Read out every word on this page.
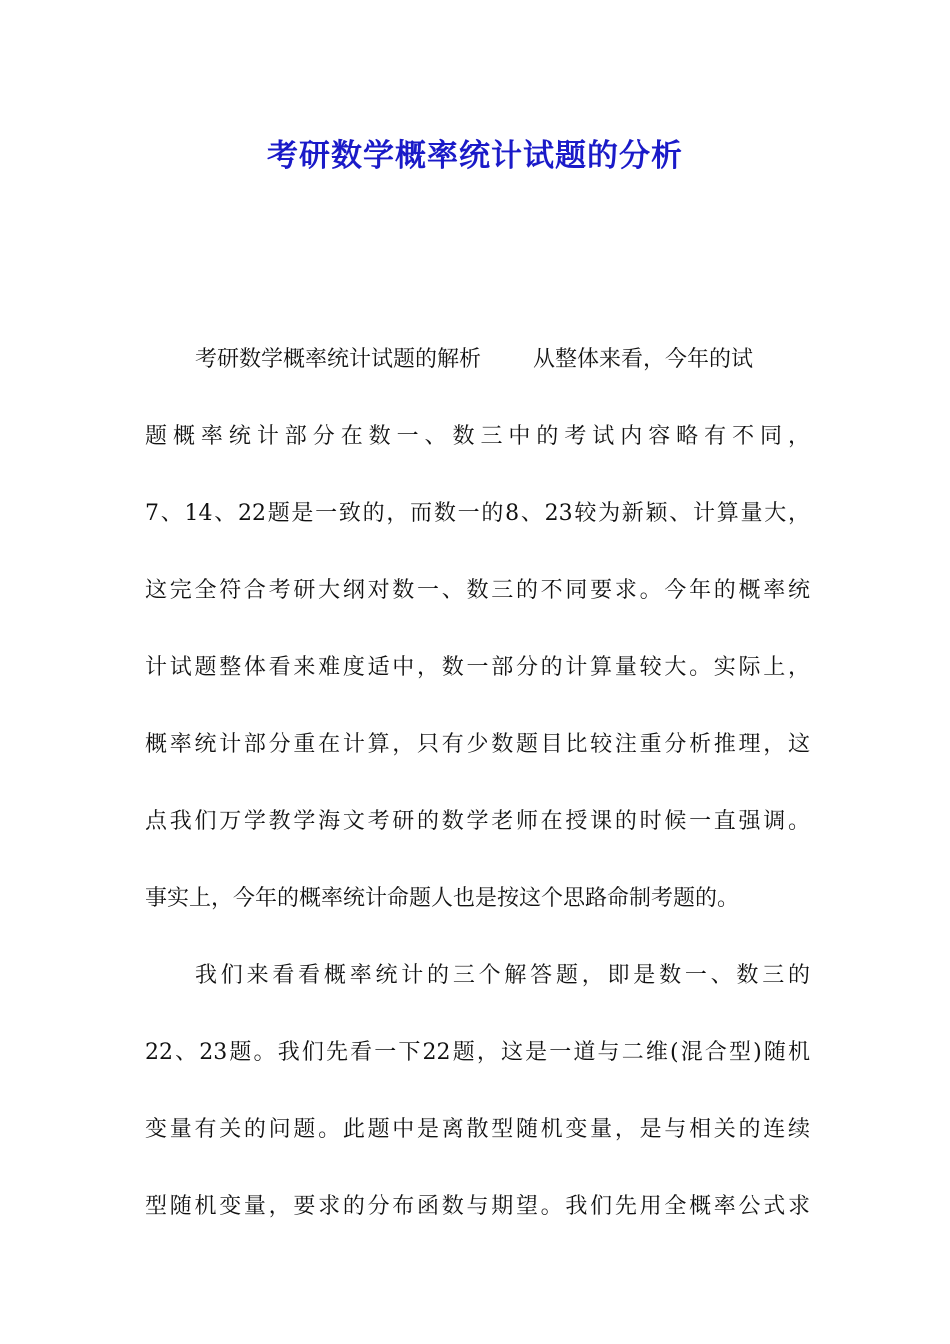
考研数学概率统计试题的分析
考研数学概率统计试题的解析 从整体来看，今年的试
题概率统计部分在数一、数三中的考试内容略有不同，
7、14、22题是一致的，而数一的8、23较为新颖、计算量大，
这完全符合考研大纲对数一、数三的不同要求。今年的概率统
计试题整体看来难度适中，数一部分的计算量较大。实际上，
概率统计部分重在计算，只有少数题目比较注重分析推理，这
点我们万学教学海文考研的数学老师在授课的时候一直强调。
事实上，今年的概率统计命题人也是按这个思路命制考题的。
我们来看看概率统计的三个解答题，即是数一、数三的
22、23题。我们先看一下22题，这是一道与二维(混合型)随机
变量有关的问题。此题中是离散型随机变量，是与相关的连续
型随机变量，要求的分布函数与期望。我们先用全概率公式求
